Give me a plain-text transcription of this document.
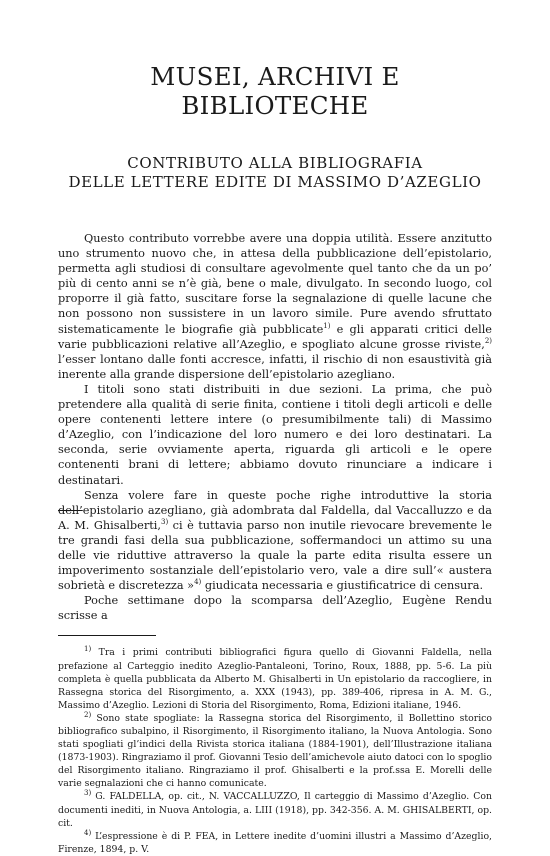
MUSEI, ARCHIVI E BIBLIOTECHE
CONTRIBUTO ALLA BIBLIOGRAFIA
DELLE LETTERE EDITE DI MASSIMO D’AZEGLIO

Questo contributo vorrebbe avere una doppia utilità. Essere anzitutto uno strumento nuovo che, in attesa della pubblicazione dell’epistolario, permetta agli studiosi di consultare agevolmente quel tanto che da un po’ più di cento anni se n’è già, bene o male, divulgato. In secondo luogo, col proporre il già fatto, suscitare forse la segnalazione di quelle lacune che non possono non sussistere in un lavoro simile. Pure avendo sfruttato sistematicamente le biografie già pubblicate$^{1)}$ e gli apparati critici delle varie pubblicazioni relative all’Azeglio, e spogliato alcune grosse riviste,$^{2)}$ l’esser lontano dalle fonti accresce, infatti, il rischio di non esaustività già inerente alla grande dispersione dell’epistolario azegliano.

I titoli sono stati distribuiti in due sezioni. La prima, che può pretendere alla qualità di serie finita, contiene i titoli degli articoli e delle opere contenenti lettere intere (o presumibilmente tali) di Massimo d’Azeglio, con l’indicazione del loro numero e dei loro destinatari. La seconda, serie ovviamente aperta, riguarda gli articoli e le opere contenenti brani di lettere; abbiamo dovuto rinunciare a indicare i destinatari.

Senza volere fare in queste poche righe introduttive la storia dell’epistolario azegliano, già adombrata dal Faldella, dal Vaccalluzzo e da A. M. Ghisalberti,$^{3)}$ ci è tuttavia parso non inutile rievocare brevemente le tre grandi fasi della sua pubblicazione, soffermandoci un attimo su una delle vie riduttive attraverso la quale la parte edita risulta essere un impoverimento sostanziale dell’epistolario vero, vale a dire sull’« austera sobrietà e discretezza »$^{4)}$ giudicata necessaria e giustificatrice di censura.

Poche settimane dopo la scomparsa dell’Azeglio, Eugène Rendu scrisse a

$^{1)}$ Tra i primi contributi bibliografici figura quello di Giovanni Faldella, nella prefazione al Carteggio inedito Azeglio-Pantaleoni, Torino, Roux, 1888, pp. 5-6. La più completa è quella pubblicata da Alberto M. Ghisalberti in Un epistolario da raccogliere, in Rassegna storica del Risorgimento, a. XXX (1943), pp. 389-406, ripresa in A. M. G., Massimo d’Azeglio. Lezioni di Storia del Risorgimento, Roma, Edizioni italiane, 1946.

$^{2)}$ Sono state spogliate: la Rassegna storica del Risorgimento, il Bollettino storico bibliografico subalpino, il Risorgimento, il Risorgimento italiano, la Nuova Antologia. Sono stati spogliati gl’indici della Rivista storica italiana (1884-1901), dell’Illustrazione italiana (1873-1903). Ringraziamo il prof. Giovanni Tesio dell’amichevole aiuto datoci con lo spoglio del Risorgimento italiano. Ringraziamo il prof. Ghisalberti e la prof.ssa E. Morelli delle varie segnalazioni che ci hanno comunicate.

$^{3)}$ G. FALDELLA, op. cit., N. VACCALLUZZO, Il carteggio di Massimo d’Azeglio. Con documenti inediti, in Nuova Antologia, a. LIII (1918), pp. 342-356. A. M. GHISALBERTI, op. cit.

$^{4)}$ L’espressione è di P. FEA, in Lettere inedite d’uomini illustri a Massimo d’Azeglio, Firenze, 1894, p. V.
